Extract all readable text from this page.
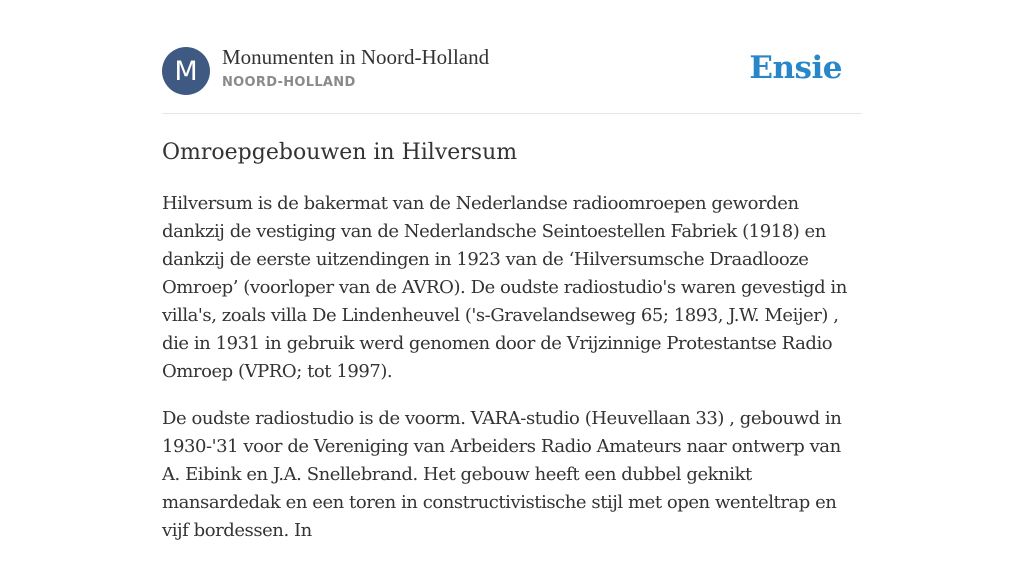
M Monumenten in Noord-Holland
NOORD-HOLLAND	Ensie
Omroepgebouwen in Hilversum

Hilversum is de bakermat van de Nederlandse radioomroepen geworden dankzij de vestiging van de Nederlandsche Seintoestellen Fabriek (1918) en dankzij de eerste uitzendingen in 1923 van de ‘Hilversumsche Draadlooze Omroep’ (voorloper van de AVRO). De oudste radiostudio's waren gevestigd in villa's, zoals villa De Lindenheuvel ('s-Gravelandseweg 65; 1893, J.W. Meijer) , die in 1931 in gebruik werd genomen door de Vrijzinnige Protestantse Radio Omroep (VPRO; tot 1997).

De oudste radiostudio is de voorm. VARA-studio (Heuvellaan 33) , gebouwd in 1930-'31 voor de Vereniging van Arbeiders Radio Amateurs naar ontwerp van A. Eibink en J.A. Snellebrand. Het gebouw heeft een dubbel geknikt mansardedak en een toren in constructivistische stijl met open wenteltrap en vijf bordessen. In
